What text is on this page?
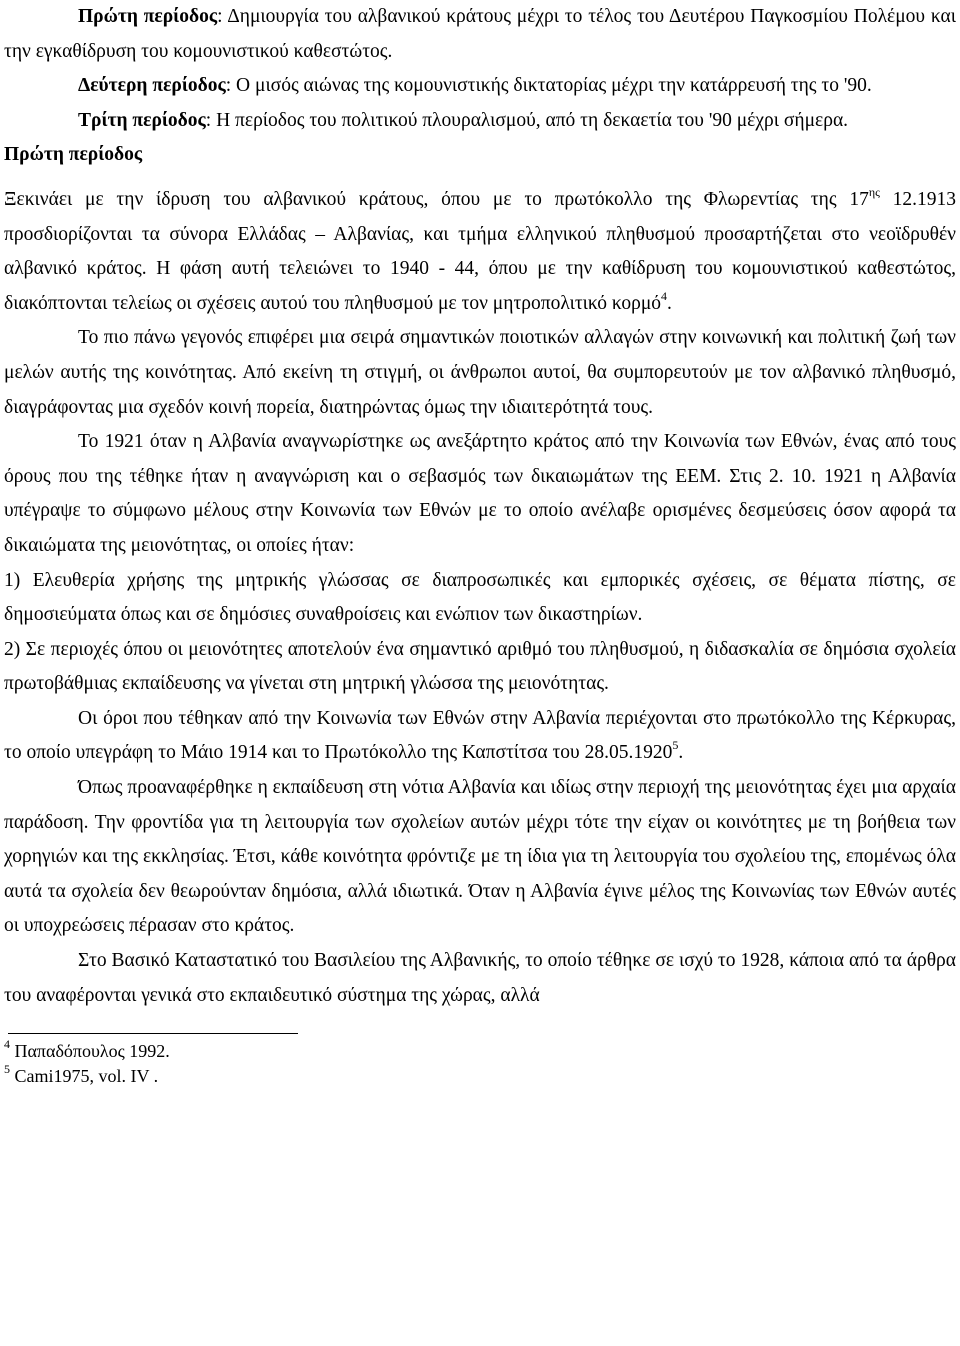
Πρώτη περίοδος: Δημιουργία του αλβανικού κράτους μέχρι το τέλος του Δευτέρου Παγκοσμίου Πολέμου και την εγκαθίδρυση του κομουνιστικού καθεστώτος.

Δεύτερη περίοδος: Ο μισός αιώνας της κομουνιστικής δικτατορίας μέχρι την κατάρρευσή της το '90.

Τρίτη περίοδος: Η περίοδος του πολιτικού πλουραλισμού, από τη δεκαετία του '90 μέχρι σήμερα.

Πρώτη περίοδος

Ξεκινάει με την ίδρυση του αλβανικού κράτους, όπου με το πρωτόκολλο της Φλωρεντίας της $17^{\eta\varsigma}$ 12.1913 προσδιορίζονται τα σύνορα Ελλάδας – Αλβανίας, και τμήμα ελληνικού πληθυσμού προσαρτήζεται στο νεοϊδρυθέν αλβανικό κράτος. Η φάση αυτή τελειώνει το 1940 - 44, όπου με την καθίδρυση του κομουνιστικού καθεστώτος, διακόπτονται τελείως οι σχέσεις αυτού του πληθυσμού με τον μητροπολιτικό κορμό$^4$.

Το πιο πάνω γεγονός επιφέρει μια σειρά σημαντικών ποιοτικών αλλαγών στην κοινωνική και πολιτική ζωή των μελών αυτής της κοινότητας. Από εκείνη τη στιγμή, οι άνθρωποι αυτοί, θα συμπορευτούν με τον αλβανικό πληθυσμό, διαγράφοντας μια σχεδόν κοινή πορεία, διατηρώντας όμως την ιδιαιτερότητά τους.

Το 1921 όταν η Αλβανία αναγνωρίστηκε ως ανεξάρτητο κράτος από την Κοινωνία των Εθνών, ένας από τους όρους που της τέθηκε ήταν η αναγνώριση και ο σεβασμός των δικαιωμάτων της ΕΕΜ. Στις 2. 10. 1921 η Αλβανία υπέγραψε το σύμφωνο μέλους στην Κοινωνία των Εθνών με το οποίο ανέλαβε ορισμένες δεσμεύσεις όσον αφορά τα δικαιώματα της μειονότητας, οι οποίες ήταν:

1) Ελευθερία χρήσης της μητρικής γλώσσας σε διαπροσωπικές και εμπορικές σχέσεις, σε θέματα πίστης, σε δημοσιεύματα όπως και σε δημόσιες συναθροίσεις και ενώπιον των δικαστηρίων.

2) Σε περιοχές όπου οι μειονότητες αποτελούν ένα σημαντικό αριθμό του πληθυσμού, η διδασκαλία σε δημόσια σχολεία πρωτοβάθμιας εκπαίδευσης να γίνεται στη μητρική γλώσσα της μειονότητας.

Οι όροι που τέθηκαν από την Κοινωνία των Εθνών στην Αλβανία περιέχονται στο πρωτόκολλο της Κέρκυρας, το οποίο υπεγράφη το Μάιο 1914 και το Πρωτόκολλο της Καπστίτσα του 28.05.1920$^5$.

Όπως προαναφέρθηκε η εκπαίδευση στη νότια Αλβανία και ιδίως στην περιοχή της μειονότητας έχει μια αρχαία παράδοση. Την φροντίδα για τη λειτουργία των σχολείων αυτών μέχρι τότε την είχαν οι κοινότητες με τη βοήθεια των χορηγιών και της εκκλησίας. Έτσι, κάθε κοινότητα φρόντιζε με τη ίδια για τη λειτουργία του σχολείου της, επομένως όλα αυτά τα σχολεία δεν θεωρούνταν δημόσια, αλλά ιδιωτικά. Όταν η Αλβανία έγινε μέλος της Κοινωνίας των Εθνών αυτές οι υποχρεώσεις πέρασαν στο κράτος.

Στο Βασικό Καταστατικό του Βασιλείου της Αλβανικής, το οποίο τέθηκε σε ισχύ το 1928, κάποια από τα άρθρα του αναφέρονται γενικά στο εκπαιδευτικό σύστημα της χώρας, αλλά

$^4$ Παπαδόπουλος 1992.

$^5$ Cami1975, vol. IV .
